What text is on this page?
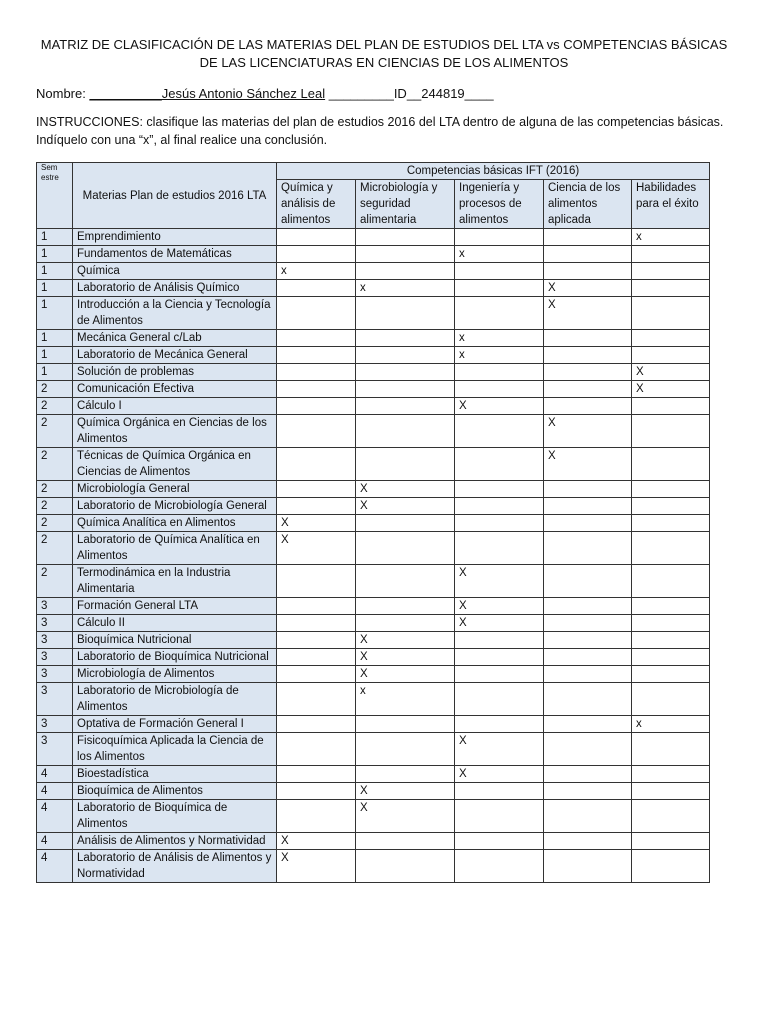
MATRIZ DE CLASIFICACIÓN DE LAS MATERIAS DEL PLAN DE ESTUDIOS DEL LTA vs COMPETENCIAS BÁSICAS DE LAS LICENCIATURAS EN CIENCIAS DE LOS ALIMENTOS
Nombre: __________Jesús Antonio Sánchez Leal _________ID__244819____
INSTRUCCIONES: clasifique las materias del plan de estudios 2016 del LTA dentro de alguna de las competencias básicas. Indíquelo con una “x”, al final realice una conclusión.
Sem estre	Materias Plan de estudios 2016 LTA	Competencias básicas IFT (2016)				
		Química y análisis de alimentos	Microbiología y seguridad alimentaria	Ingeniería y procesos de alimentos	Ciencia de los alimentos aplicada	Habilidades para el éxito
1	Emprendimiento					x
1	Fundamentos de Matemáticas			x		
1	Química	x				
1	Laboratorio de Análisis Químico		x		X	
1	Introducción a la Ciencia y Tecnología de Alimentos				X	
1	Mecánica General c/Lab			x		
1	Laboratorio de Mecánica General			x		
1	Solución de problemas					X
2	Comunicación Efectiva					X
2	Cálculo I			X		
2	Química Orgánica en Ciencias de los Alimentos				X	
2	Técnicas de Química Orgánica en Ciencias de Alimentos				X	
2	Microbiología General		X			
2	Laboratorio de Microbiología General		X			
2	Química Analítica en Alimentos	X				
2	Laboratorio de Química Analítica en Alimentos	X				
2	Termodinámica en la Industria Alimentaria			X		
3	Formación General LTA			X		
3	Cálculo II			X		
3	Bioquímica Nutricional		X			
3	Laboratorio de Bioquímica Nutricional		X			
3	Microbiología de Alimentos		X			
3	Laboratorio de Microbiología de Alimentos		x			
3	Optativa de Formación General I					x
3	Fisicoquímica Aplicada la Ciencia de los Alimentos			X		
4	Bioestadística			X		
4	Bioquímica de Alimentos		X			
4	Laboratorio de Bioquímica de Alimentos		X			
4	Análisis de Alimentos y Normatividad	X				
4	Laboratorio de Análisis de Alimentos y Normatividad	X				
